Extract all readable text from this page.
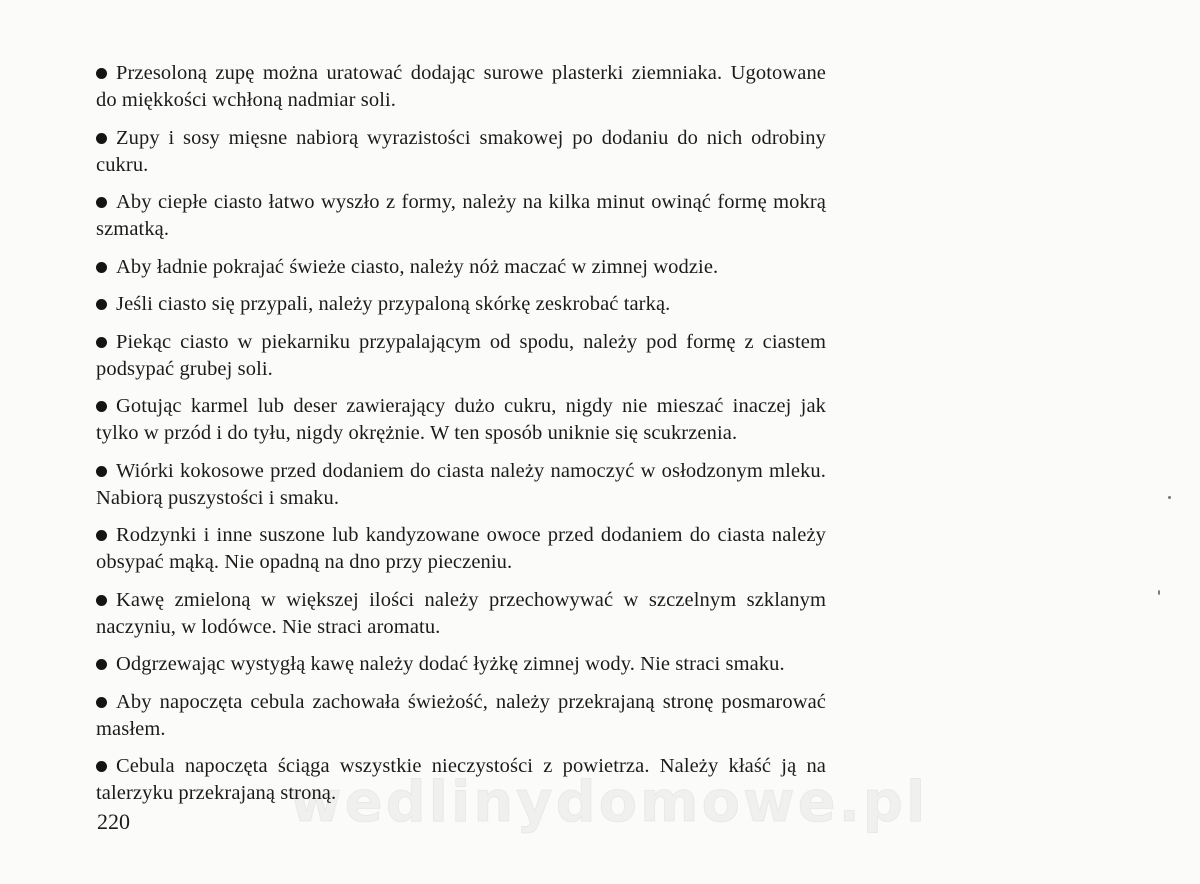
Przesoloną zupę można uratować dodając surowe plasterki ziemniaka. Ugotowane do miękkości wchłoną nadmiar soli.

Zupy i sosy mięsne nabiorą wyrazistości smakowej po dodaniu do nich odrobiny cukru.

Aby ciepłe ciasto łatwo wyszło z formy, należy na kilka minut owinąć formę mokrą szmatką.

Aby ładnie pokrajać świeże ciasto, należy nóż maczać w zimnej wodzie.

Jeśli ciasto się przypali, należy przypaloną skórkę zeskrobać tarką.

Piekąc ciasto w piekarniku przypalającym od spodu, należy pod formę z ciastem podsypać grubej soli.

Gotując karmel lub deser zawierający dużo cukru, nigdy nie mieszać inaczej jak tylko w przód i do tyłu, nigdy okrężnie. W ten sposób uniknie się scukrzenia.

Wiórki kokosowe przed dodaniem do ciasta należy namoczyć w osłodzonym mleku. Nabiorą puszystości i smaku.

Rodzynki i inne suszone lub kandyzowane owoce przed dodaniem do ciasta należy obsypać mąką. Nie opadną na dno przy pieczeniu.

Kawę zmieloną w większej ilości należy przechowywać w szczelnym szklanym naczyniu, w lodówce. Nie straci aromatu.

Odgrzewając wystygłą kawę należy dodać łyżkę zimnej wody. Nie straci smaku.

Aby napoczęta cebula zachowała świeżość, należy przekrajaną stronę posmarować masłem.

Cebula napoczęta ściąga wszystkie nieczystości z powietrza. Należy kłaść ją na talerzyku przekrajaną stroną.

wedlinydomowe.pl
220
